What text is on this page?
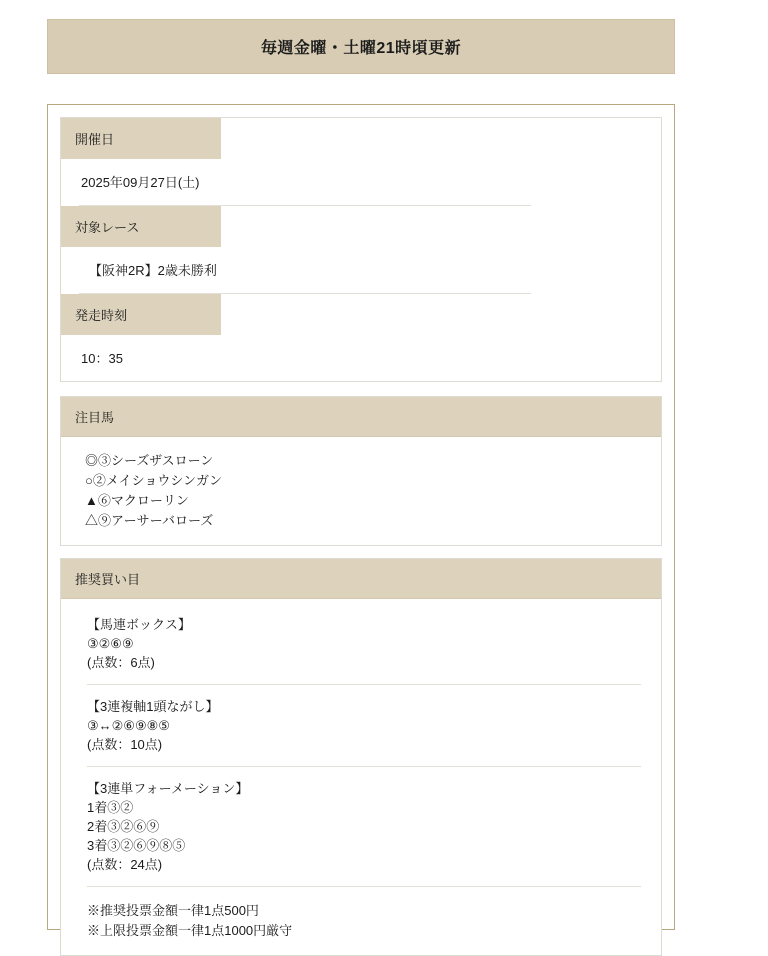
毎週金曜・土曜21時頃更新
開催日
2025年09月27日(土)
対象レース
【阪神2R】2歳未勝利
発走時刻
10：35
注目馬
◎③シーズザスローン
○②メイショウシンガン
▲⑥マクローリン
△⑨アーサーバローズ
推奨買い目
【馬連ボックス】
③②⑥⑨
(点数：6点)
【3連複軸1頭ながし】
③↔②⑥⑨⑧⑤
(点数：10点)
【3連単フォーメーション】
1着③②
2着③②⑥⑨
3着③②⑥⑨⑧⑤
(点数：24点)
※推奨投票金額一律1点500円
※上限投票金額一律1点1000円厳守
